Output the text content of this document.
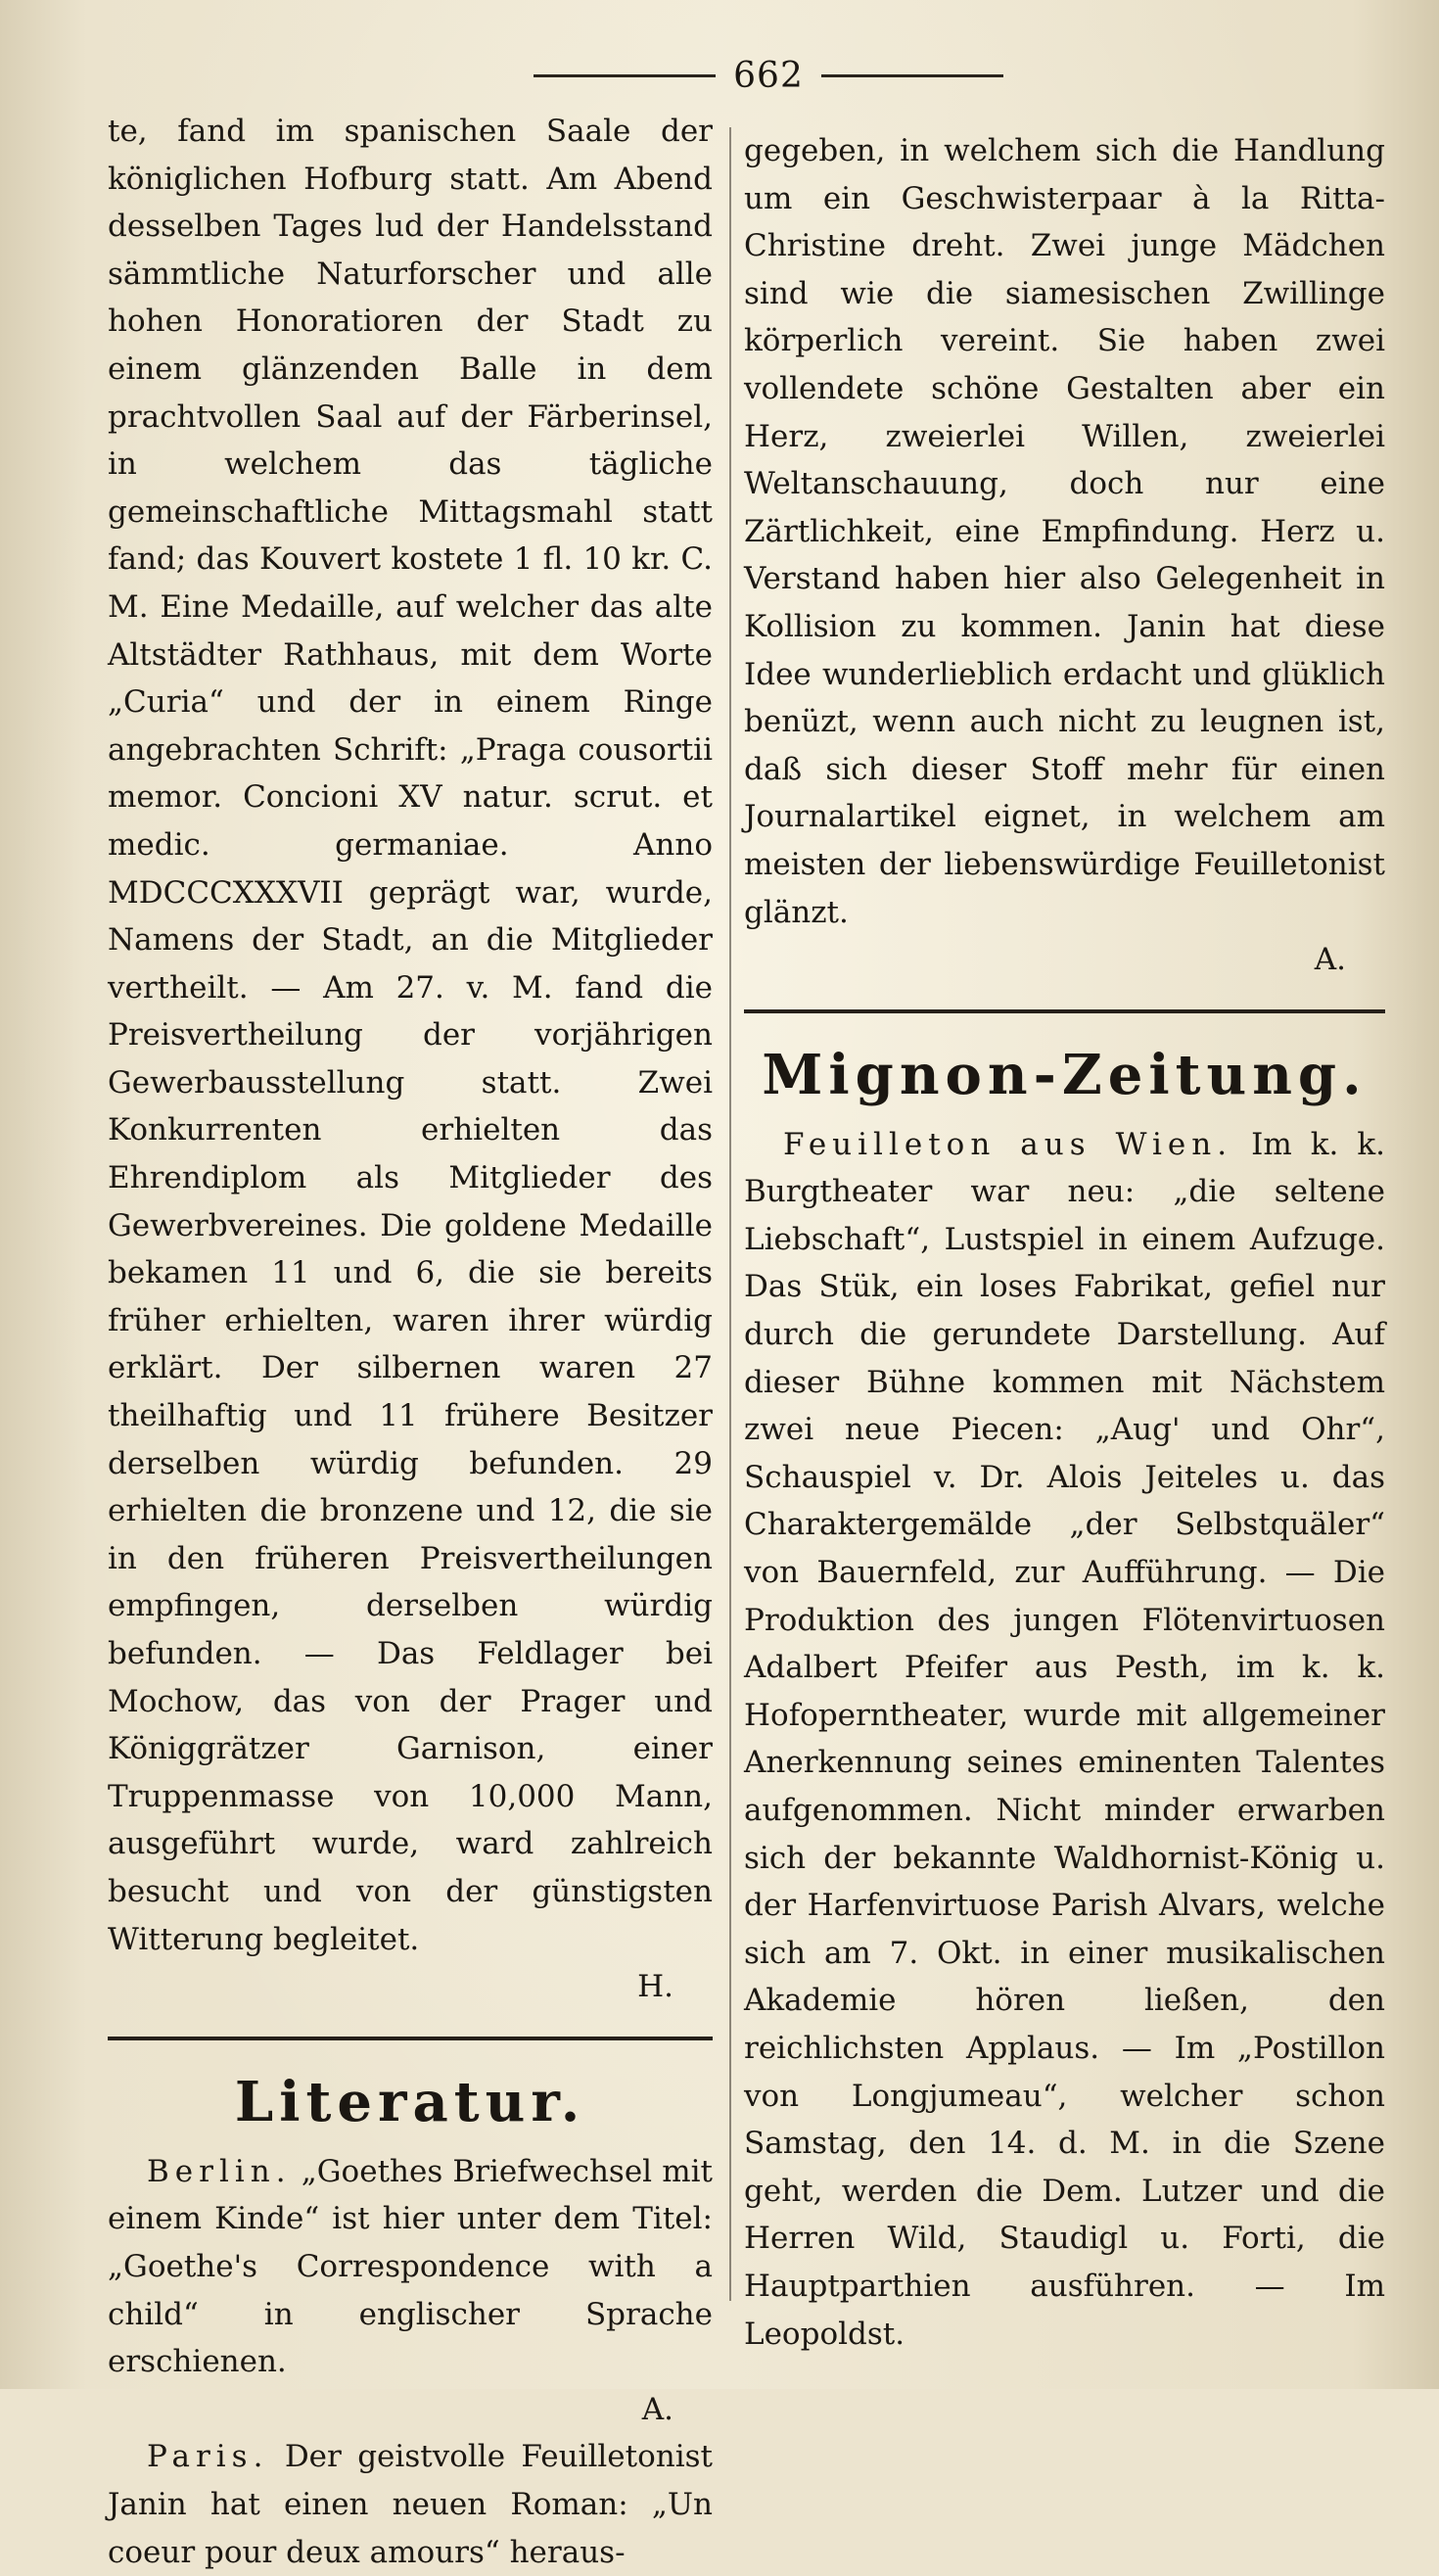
662

te, fand im spanischen Saale der königlichen Hofburg statt. Am Abend desselben Tages lud der Handelsstand sämmtliche Naturforscher und alle hohen Honoratioren der Stadt zu einem glänzenden Balle in dem prachtvollen Saal auf der Färberinsel, in welchem das tägliche gemeinschaftliche Mittagsmahl statt fand; das Kouvert kostete 1 fl. 10 kr. C. M. Eine Medaille, auf welcher das alte Altstädter Rathhaus, mit dem Worte „Curia“ und der in einem Ringe angebrachten Schrift: „Praga cousortii memor. Concioni XV natur. scrut. et medic. germaniae. Anno MDCCCXXXVII geprägt war, wurde, Namens der Stadt, an die Mitglieder vertheilt. — Am 27. v. M. fand die Preisvertheilung der vorjährigen Gewerbausstellung statt. Zwei Konkurrenten erhielten das Ehrendiplom als Mitglieder des Gewerbvereines. Die goldene Medaille bekamen 11 und 6, die sie bereits früher erhielten, waren ihrer würdig erklärt. Der silbernen waren 27 theilhaftig und 11 frühere Besitzer derselben würdig befunden. 29 erhielten die bronzene und 12, die sie in den früheren Preisvertheilungen empfingen, derselben würdig befunden. — Das Feldlager bei Mochow, das von der Prager und Königgrätzer Garnison, einer Truppenmasse von 10,000 Mann, ausgeführt wurde, ward zahlreich besucht und von der günstigsten Witterung begleitet.

H.

Literatur.

Berlin. „Goethes Briefwechsel mit einem Kinde“ ist hier unter dem Titel: „Goethe's Correspondence with a child“ in englischer Sprache erschienen.

A.

Paris. Der geistvolle Feuilletonist Janin hat einen neuen Roman: „Un coeur pour deux amours“ heraus-

gegeben, in welchem sich die Handlung um ein Geschwisterpaar à la Ritta-Christine dreht. Zwei junge Mädchen sind wie die siamesischen Zwillinge körperlich vereint. Sie haben zwei vollendete schöne Gestalten aber ein Herz, zweierlei Willen, zweierlei Weltanschauung, doch nur eine Zärtlichkeit, eine Empfindung. Herz u. Verstand haben hier also Gelegenheit in Kollision zu kommen. Janin hat diese Idee wunderlieblich erdacht und glüklich benüzt, wenn auch nicht zu leugnen ist, daß sich dieser Stoff mehr für einen Journalartikel eignet, in welchem am meisten der liebenswürdige Feuilletonist glänzt.

A.

Mignon-Zeitung.

Feuilleton aus Wien. Im k. k. Burgtheater war neu: „die seltene Liebschaft“, Lustspiel in einem Aufzuge. Das Stük, ein loses Fabrikat, gefiel nur durch die gerundete Darstellung. Auf dieser Bühne kommen mit Nächstem zwei neue Piecen: „Aug' und Ohr“, Schauspiel v. Dr. Alois Jeiteles u. das Charaktergemälde „der Selbstquäler“ von Bauernfeld, zur Aufführung. — Die Produktion des jungen Flötenvirtuosen Adalbert Pfeifer aus Pesth, im k. k. Hofoperntheater, wurde mit allgemeiner Anerkennung seines eminenten Talentes aufgenommen. Nicht minder erwarben sich der bekannte Waldhornist-König u. der Harfenvirtuose Parish Alvars, welche sich am 7. Okt. in einer musikalischen Akademie hören ließen, den reichlichsten Applaus. — Im „Postillon von Longjumeau“, welcher schon Samstag, den 14. d. M. in die Szene geht, werden die Dem. Lutzer und die Herren Wild, Staudigl u. Forti, die Hauptparthien ausführen. — Im Leopoldst.
